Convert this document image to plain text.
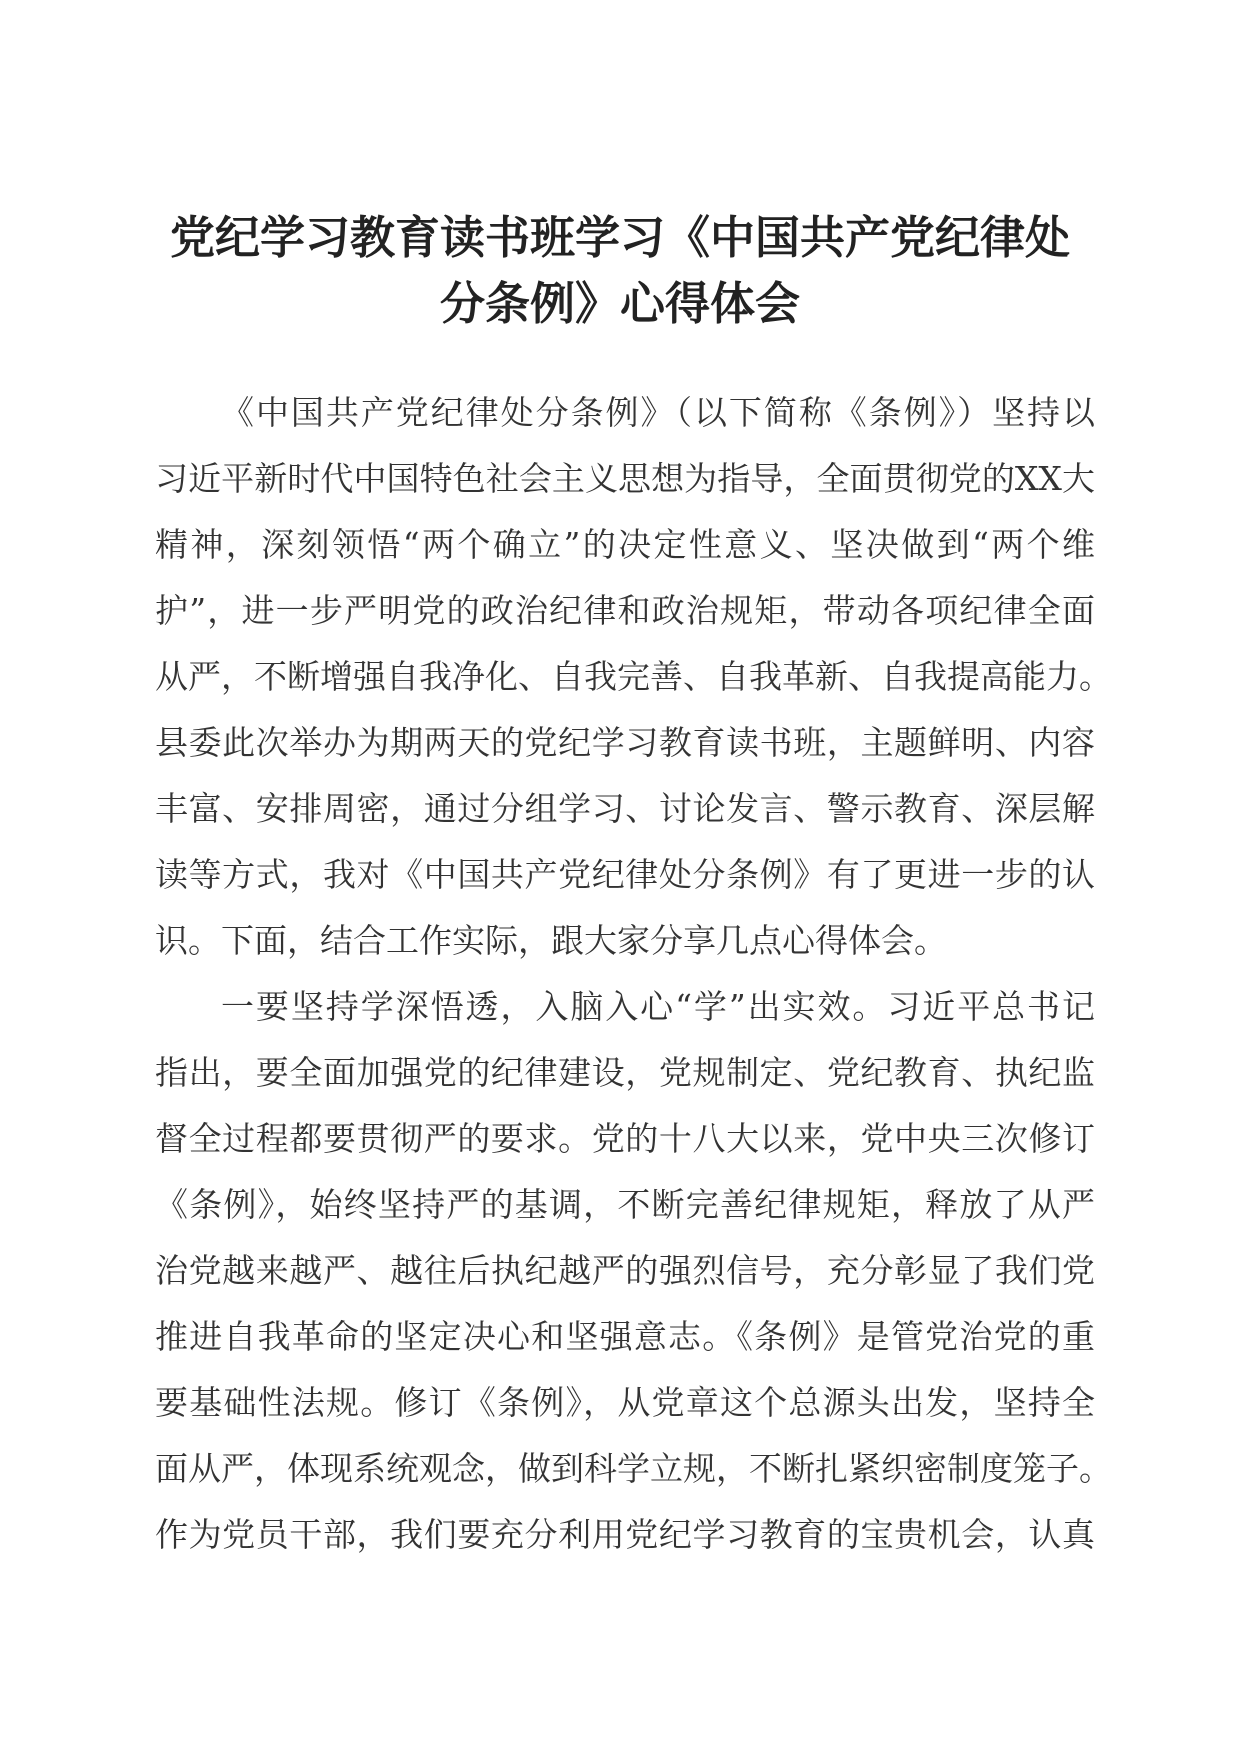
党纪学习教育读书班学习《中国共产党纪律处
分条例》心得体会
《中国共产党纪律处分条例》（以下简称《条例》）坚持以
习近平新时代中国特色社会主义思想为指导，全面贯彻党的XX大
精神，深刻领悟“两个确立”的决定性意义、坚决做到“两个维
护”，进一步严明党的政治纪律和政治规矩，带动各项纪律全面
从严，不断增强自我净化、自我完善、自我革新、自我提高能力。
县委此次举办为期两天的党纪学习教育读书班，主题鲜明、内容
丰富、安排周密，通过分组学习、讨论发言、警示教育、深层解
读等方式，我对《中国共产党纪律处分条例》有了更进一步的认
识。下面，结合工作实际，跟大家分享几点心得体会。
一要坚持学深悟透，入脑入心“学”出实效。习近平总书记
指出，要全面加强党的纪律建设，党规制定、党纪教育、执纪监
督全过程都要贯彻严的要求。党的十八大以来，党中央三次修订
《条例》，始终坚持严的基调，不断完善纪律规矩，释放了从严
治党越来越严、越往后执纪越严的强烈信号，充分彰显了我们党
推进自我革命的坚定决心和坚强意志。《条例》是管党治党的重
要基础性法规。修订《条例》，从党章这个总源头出发，坚持全
面从严，体现系统观念，做到科学立规，不断扎紧织密制度笼子。
作为党员干部，我们要充分利用党纪学习教育的宝贵机会，认真
